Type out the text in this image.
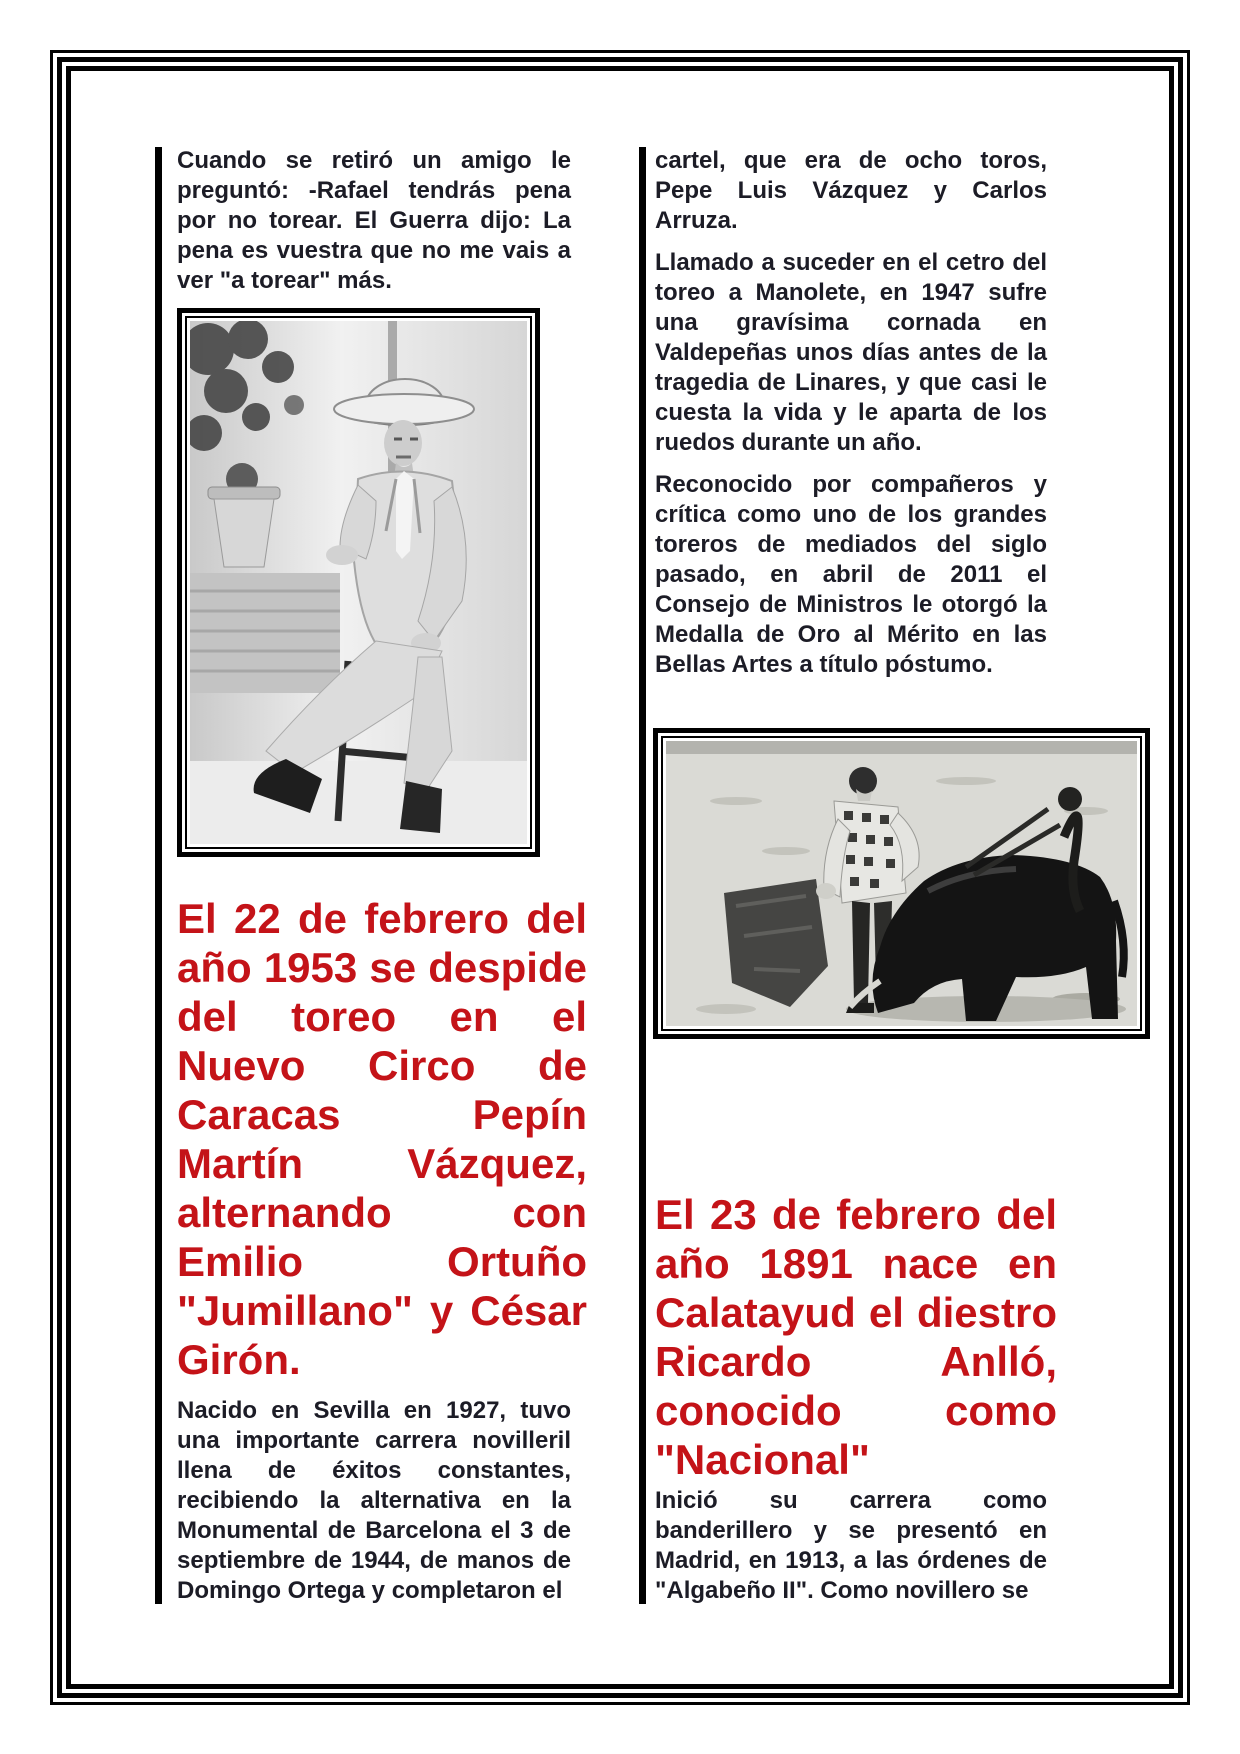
Cuando se retiró un amigo le preguntó: -Rafael tendrás pena por no torear. El Guerra dijo: La pena es vuestra que no me vais a ver "a torear" más.

El 22 de febrero del año 1953 se despide del toreo en el Nuevo Circo de Caracas Pepín Martín Vázquez, alternando con Emilio Ortuño "Jumillano" y César Girón.

Nacido en Sevilla en 1927, tuvo una importante carrera novilleril llena de éxitos constantes, recibiendo la alternativa en la Monumental de Barcelona el 3 de septiembre de 1944, de manos de Domingo Ortega y completaron el

cartel, que era de ocho toros, Pepe Luis Vázquez y Carlos Arruza.

Llamado a suceder en el cetro del toreo a Manolete, en 1947 sufre una gravísima cornada en Valdepeñas unos días antes de la tragedia de Linares, y que casi le cuesta la vida y le aparta de los ruedos durante un año.

Reconocido por compañeros y crítica como uno de los grandes toreros de mediados del siglo pasado, en abril de 2011 el Consejo de Ministros le otorgó la Medalla de Oro al Mérito en las Bellas Artes a título póstumo.

El 23 de febrero del año 1891 nace en Calatayud el diestro Ricardo Anlló, conocido como "Nacional"

Inició su carrera como banderillero y se presentó en Madrid, en 1913, a las órdenes de "Algabeño II". Como novillero se
